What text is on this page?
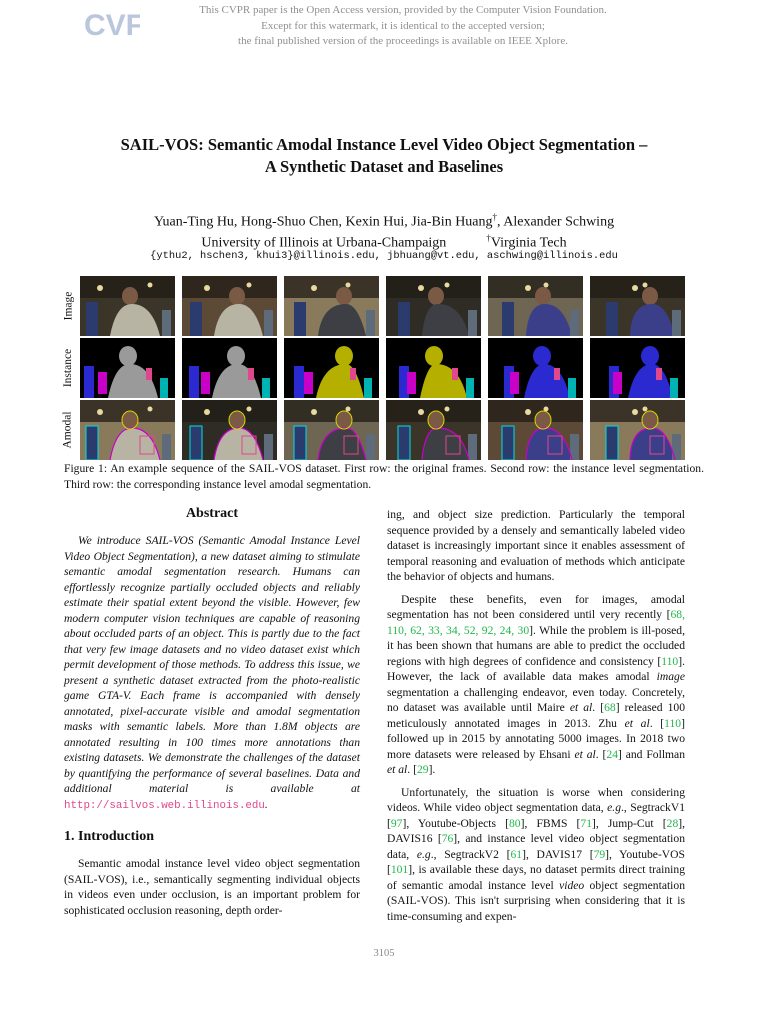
CVF	This CVPR paper is the Open Access version, provided by the Computer Vision Foundation.
Except for this watermark, it is identical to the accepted version;
the final published version of the proceedings is available on IEEE Xplore.
SAIL-VOS: Semantic Amodal Instance Level Video Object Segmentation –
A Synthetic Dataset and Baselines
Yuan-Ting Hu, Hong-Shuo Chen, Kexin Hui, Jia-Bin Huang†, Alexander Schwing
University of Illinois at Urbana-Champaign	†Virginia Tech
{ythu2, hschen3, khui3}@illinois.edu, jbhuang@vt.edu, aschwing@illinois.edu
Image
Instance
Amodal
Figure 1: An example sequence of the SAIL-VOS dataset. First row: the original frames. Second row: the instance level segmentation. Third row: the corresponding instance level amodal segmentation.
Abstract

We introduce SAIL-VOS (Semantic Amodal Instance Level Video Object Segmentation), a new dataset aiming to stimulate semantic amodal segmentation research. Humans can effortlessly recognize partially occluded objects and reliably estimate their spatial extent beyond the visible. However, few modern computer vision techniques are capable of reasoning about occluded parts of an object. This is partly due to the fact that very few image datasets and no video dataset exist which permit development of those methods. To address this issue, we present a synthetic dataset extracted from the photo-realistic game GTA-V. Each frame is accompanied with densely annotated, pixel-accurate visible and amodal segmentation masks with semantic labels. More than 1.8M objects are annotated resulting in 100 times more annotations than existing datasets. We demonstrate the challenges of the dataset by quantifying the performance of several baselines. Data and additional material is available at http://sailvos.web.illinois.edu.

1. Introduction

Semantic amodal instance level video object segmentation (SAIL-VOS), i.e., semantically segmenting individual objects in videos even under occlusion, is an important problem for sophisticated occlusion reasoning, depth order-

ing, and object size prediction. Particularly the temporal sequence provided by a densely and semantically labeled video dataset is increasingly important since it enables assessment of temporal reasoning and evaluation of methods which anticipate the behavior of objects and humans.

Despite these benefits, even for images, amodal segmentation has not been considered until very recently [68, 110, 62, 33, 34, 52, 92, 24, 30]. While the problem is ill-posed, it has been shown that humans are able to predict the occluded regions with high degrees of confidence and consistency [110]. However, the lack of available data makes amodal image segmentation a challenging endeavor, even today. Concretely, no dataset was available until Maire et al. [68] released 100 meticulously annotated images in 2013. Zhu et al. [110] followed up in 2015 by annotating 5000 images. In 2018 two more datasets were released by Ehsani et al. [24] and Follman et al. [29].

Unfortunately, the situation is worse when considering videos. While video object segmentation data, e.g., SegtrackV1 [97], Youtube-Objects [80], FBMS [71], Jump-Cut [28], DAVIS16 [76], and instance level video object segmentation data, e.g., SegtrackV2 [61], DAVIS17 [79], Youtube-VOS [101], is available these days, no dataset permits direct training of semantic amodal instance level video object segmentation (SAIL-VOS). This isn't surprising when considering that it is time-consuming and expen-

3105
